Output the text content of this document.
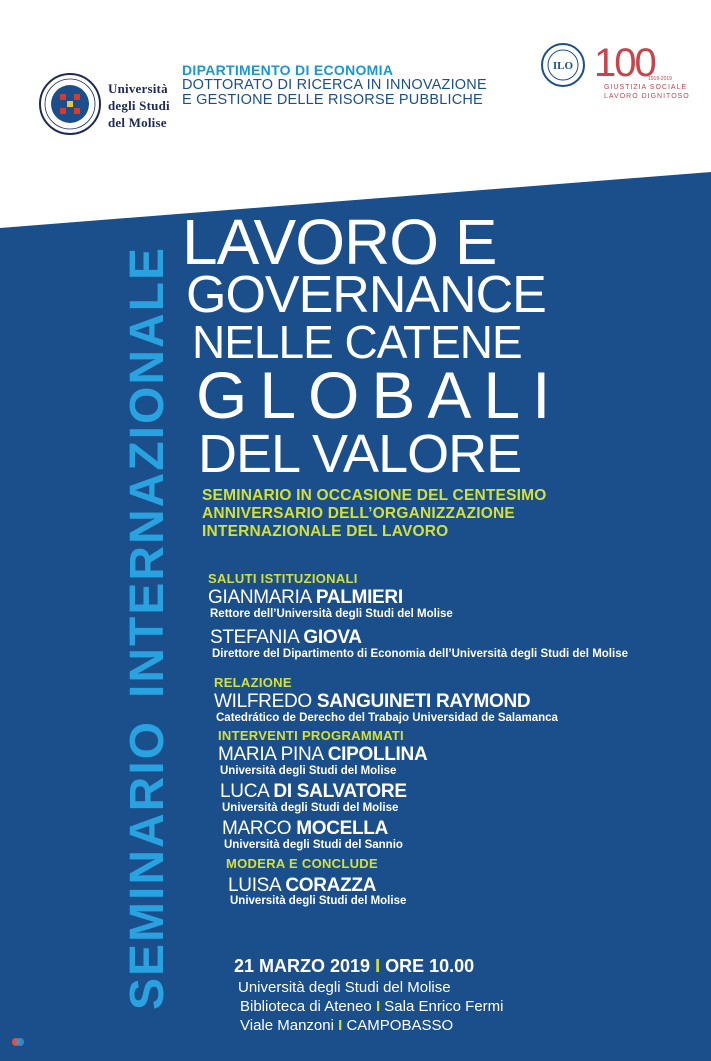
Università
degli Studi
del Molise
DIPARTIMENTO DI ECONOMIA
DOTTORATO DI RICERCA IN INNOVAZIONE
E GESTIONE DELLE RISORSE PUBBLICHE
ILO 100
1919-2019
GIUSTIZIA SOCIALE
LAVORO DIGNITOSO
SEMINARIOINTERNAZIONALE
LAVORO E
GOVERNANCE
NELLE CATENE
GLOBALI
DEL VALORE
SEMINARIO IN OCCASIONE DEL CENTESIMO
ANNIVERSARIO DELL’ORGANIZZAZIONE
INTERNAZIONALE DEL LAVORO
SALUTI ISTITUZIONALI
GIANMARIA PALMIERI
Rettore dell’Università degli Studi del Molise
STEFANIA GIOVA
Direttore del Dipartimento di Economia dell’Università degli Studi del Molise
RELAZIONE
WILFREDO SANGUINETI RAYMOND
Catedrático de Derecho del Trabajo Universidad de Salamanca
INTERVENTI PROGRAMMATI
MARIA PINA CIPOLLINA
Università degli Studi del Molise
LUCA DI SALVATORE
Università degli Studi del Molise
MARCO MOCELLA
Università degli Studi del Sannio
MODERA E CONCLUDE
LUISA CORAZZA
Università degli Studi del Molise
21 MARZO 2019 I ORE 10.00
Università degli Studi del Molise
Biblioteca di Ateneo I Sala Enrico Fermi
Viale Manzoni I CAMPOBASSO
